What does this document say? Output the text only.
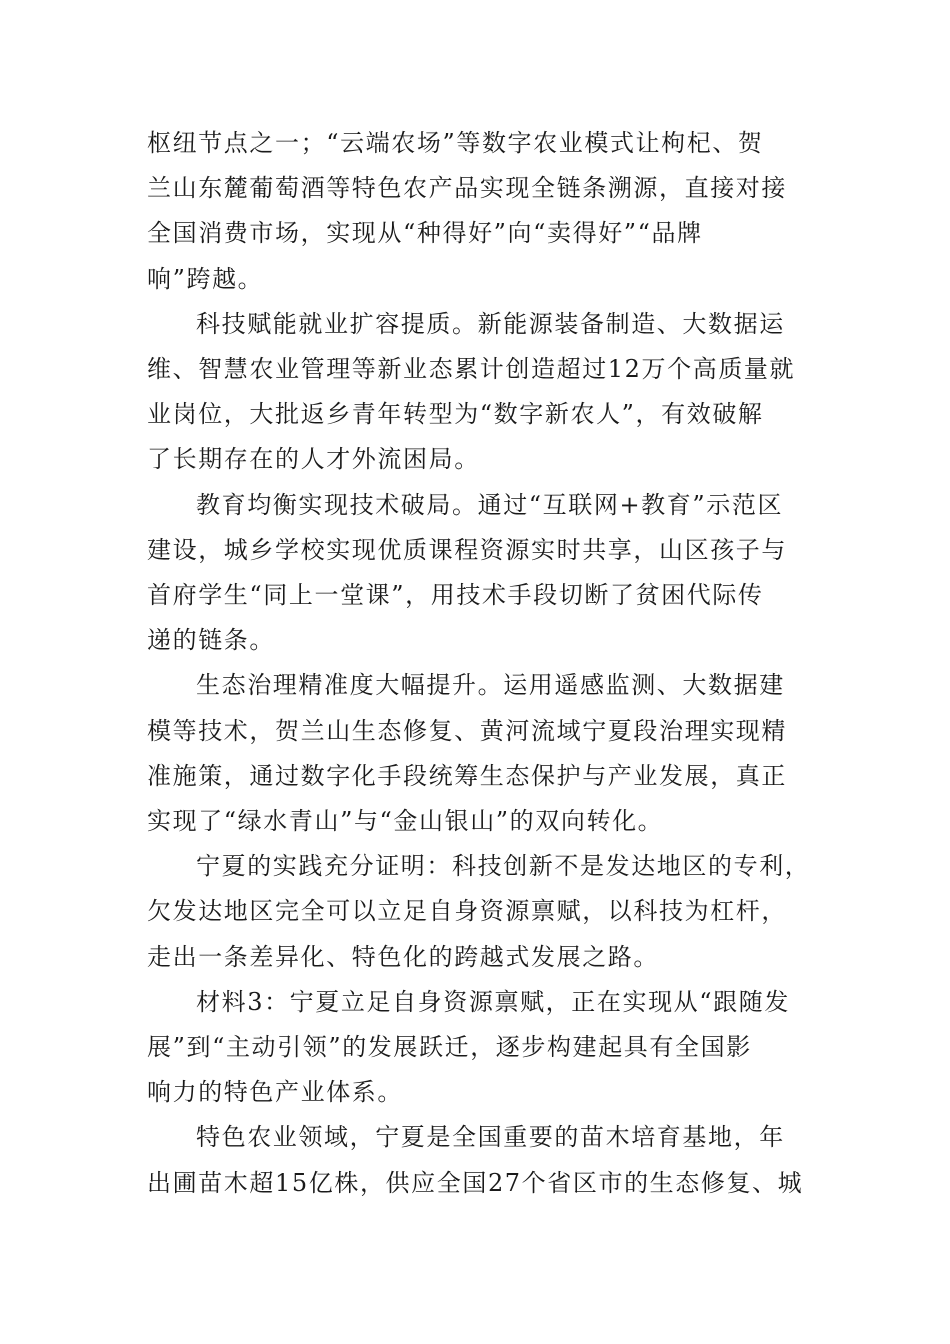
枢纽节点之一；“云端农场”等数字农业模式让枸杞、贺
兰山东麓葡萄酒等特色农产品实现全链条溯源，直接对接
全国消费市场，实现从“种得好”向“卖得好”“品牌
响”跨越。

科技赋能就业扩容提质。新能源装备制造、大数据运
维、智慧农业管理等新业态累计创造超过12万个高质量就
业岗位，大批返乡青年转型为“数字新农人”，有效破解
了长期存在的人才外流困局。

教育均衡实现技术破局。通过“互联网+教育”示范区
建设，城乡学校实现优质课程资源实时共享，山区孩子与
首府学生“同上一堂课”，用技术手段切断了贫困代际传
递的链条。

生态治理精准度大幅提升。运用遥感监测、大数据建
模等技术，贺兰山生态修复、黄河流域宁夏段治理实现精
准施策，通过数字化手段统筹生态保护与产业发展，真正
实现了“绿水青山”与“金山银山”的双向转化。

宁夏的实践充分证明：科技创新不是发达地区的专利，
欠发达地区完全可以立足自身资源禀赋，以科技为杠杆，
走出一条差异化、特色化的跨越式发展之路。

材料3：宁夏立足自身资源禀赋，正在实现从“跟随发
展”到“主动引领”的发展跃迁，逐步构建起具有全国影
响力的特色产业体系。

特色农业领域，宁夏是全国重要的苗木培育基地，年
出圃苗木超15亿株，供应全国27个省区市的生态修复、城
